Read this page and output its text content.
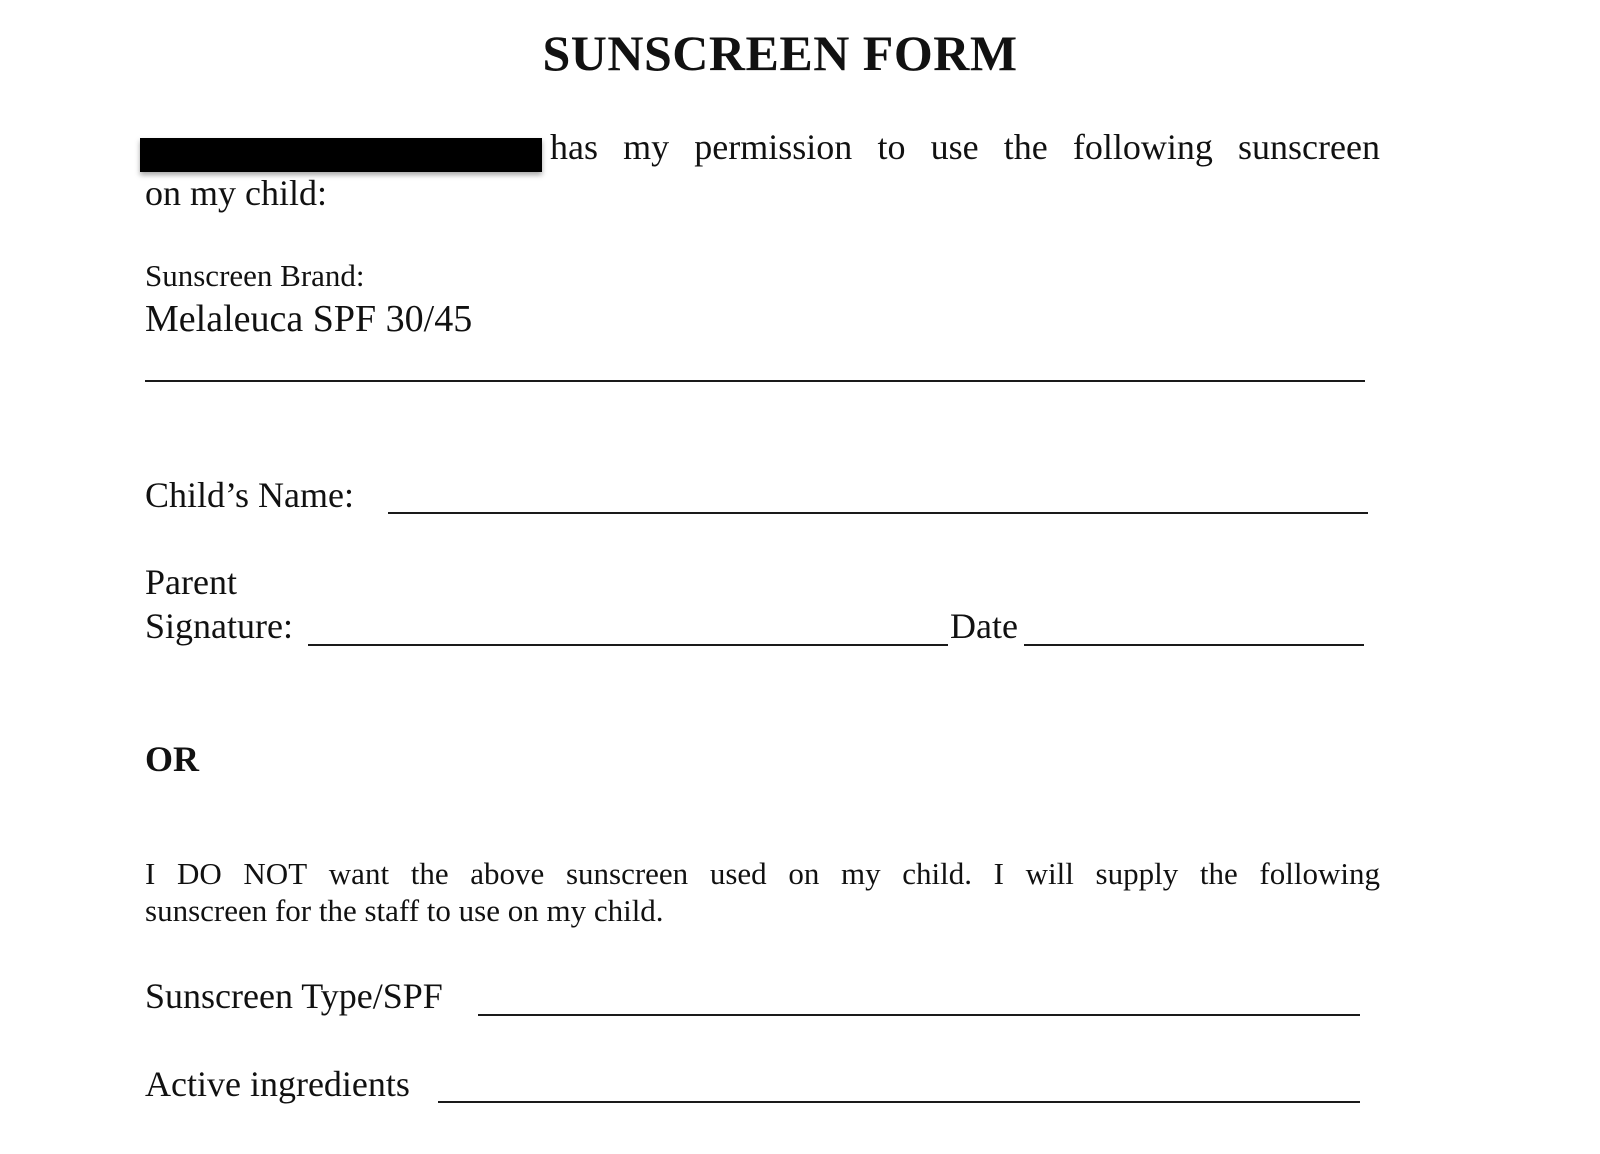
SUNSCREEN FORM
has my permission to use the following sunscreen
on my child:
Sunscreen Brand:
Melaleuca SPF 30/45
Child’s Name:
Parent
Signature:	Date
OR
I DO NOT want the above sunscreen used on my child. I will supply the following
sunscreen for the staff to use on my child.
Sunscreen Type/SPF
Active ingredients
